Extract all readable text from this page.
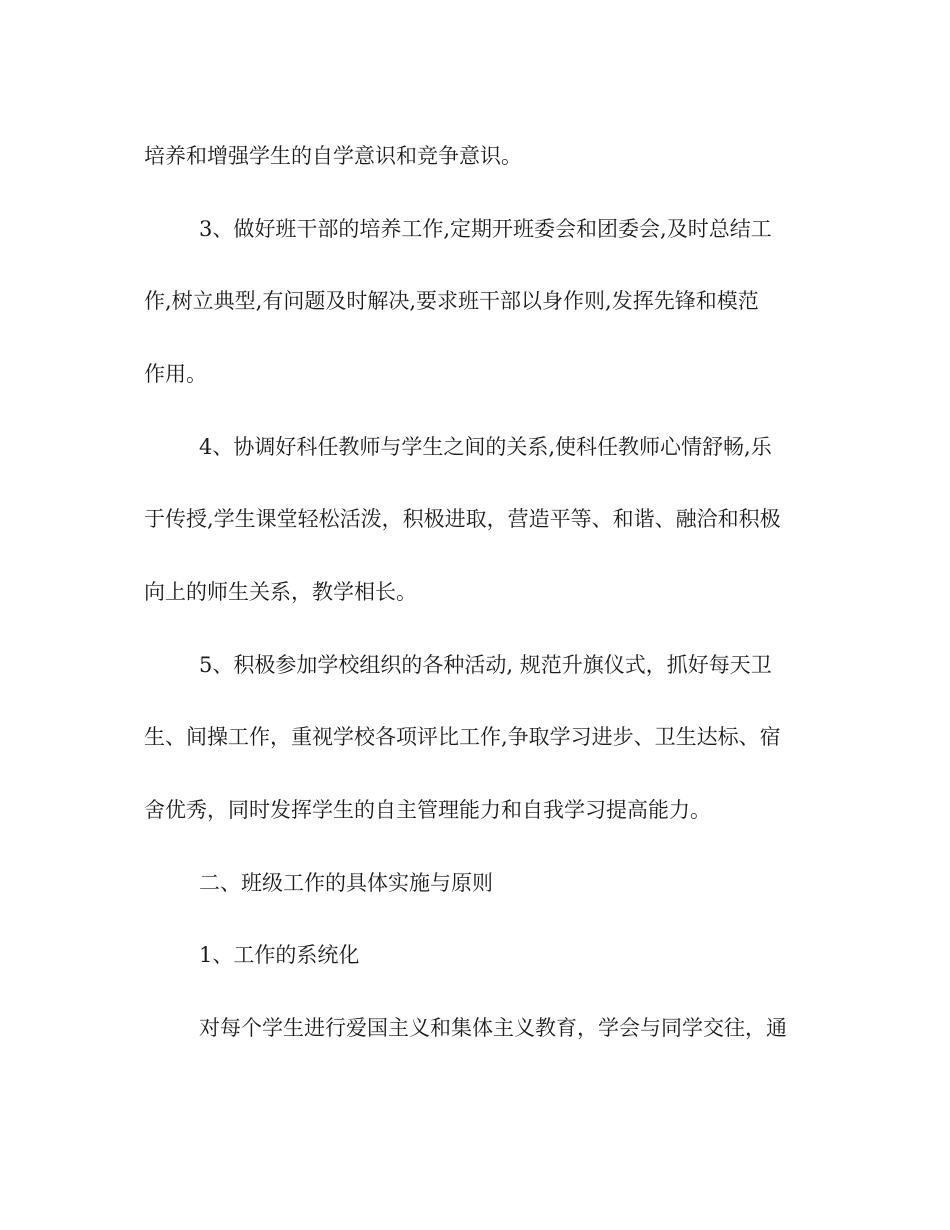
培养和增强学生的自学意识和竞争意识。
3、做好班干部的培养工作,定期开班委会和团委会,及时总结工
作,树立典型,有问题及时解决,要求班干部以身作则,发挥先锋和模范
作用。
4、协调好科任教师与学生之间的关系,使科任教师心情舒畅,乐
于传授,学生课堂轻松活泼，积极进取，营造平等、和谐、融洽和积极
向上的师生关系，教学相长。
5、积极参加学校组织的各种活动, 规范升旗仪式，抓好每天卫
生、间操工作，重视学校各项评比工作,争取学习进步、卫生达标、宿
舍优秀，同时发挥学生的自主管理能力和自我学习提高能力。
二、班级工作的具体实施与原则
1、工作的系统化
对每个学生进行爱国主义和集体主义教育，学会与同学交往，通
